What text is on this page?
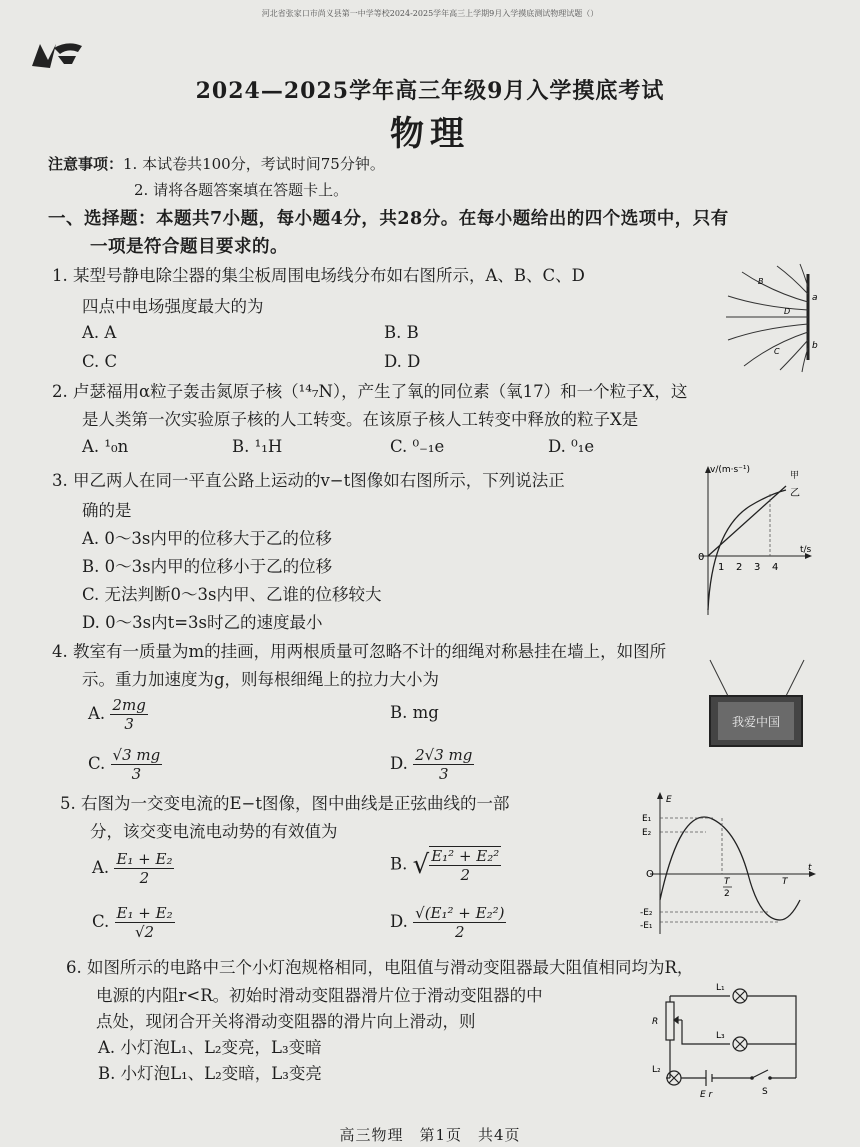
河北省张家口市尚义县第一中学等校2024-2025学年高三上学期9月入学摸底测试物理试题（）
2024—2025学年高三年级9月入学摸底考试
物理
注意事项：1. 本试卷共100分，考试时间75分钟。
2. 请将各题答案填在答题卡上。
一、选择题：本题共7小题，每小题4分，共28分。在每小题给出的四个选项中，只有
一项是符合题目要求的。
1. 某型号静电除尘器的集尘板周围电场线分布如右图所示，A、B、C、D
四点中电场强度最大的为
A. A	B. B
C. C	D. D
a
b
B
C
D
2. 卢瑟福用α粒子轰击氮原子核（¹⁴₇N），产生了氧的同位素（氧17）和一个粒子X，这
是人类第一次实验原子核的人工转变。在该原子核人工转变中释放的粒子X是
A. ¹₀n	B. ¹₁H	C. ⁰₋₁e	D. ⁰₁e
3. 甲乙两人在同一平直公路上运动的v−t图像如右图所示，下列说法正
确的是
A. 0～3s内甲的位移大于乙的位移
B. 0～3s内甲的位移小于乙的位移
C. 无法判断0～3s内甲、乙谁的位移较大
D. 0～3s内t=3s时乙的速度最小
v/(m·s⁻¹)
t/s
0
1 2 3 4
甲
乙
4. 教室有一质量为m的挂画，用两根质量可忽略不计的细绳对称悬挂在墙上，如图所
示。重力加速度为g，则每根细绳上的拉力大小为
A. $\frac{2mg}{3}$	B. mg
C. $\frac{√3 mg}{3}$	D. $\frac{2√3 mg}{3}$
我爱中国
5. 右图为一交变电流的E−t图像，图中曲线是正弦曲线的一部
分，该交变电流电动势的有效值为
A. $\frac{\text{E₁ + E₂}}{2}$	B. √ $\frac{\text{E₁² + E₂²}}{2}$
C. $\frac{\text{E₁ + E₂}}{√2}$	D. $\frac{\text{√(E₁² + E₂²)}}{2}$
E
t
E₁
E₂
O
-E₂
-E₁
T
2
T
6. 如图所示的电路中三个小灯泡规格相同，电阻值与滑动变阻器最大阻值相同均为R，
电源的内阻r<R。初始时滑动变阻器滑片位于滑动变阻器的中
点处，现闭合开关将滑动变阻器的滑片向上滑动，则
A. 小灯泡L₁、L₂变亮，L₃变暗
B. 小灯泡L₁、L₂变暗，L₃变亮
L₁
R
L₃
L₂
E r	S
高三物理　第1页　共4页
